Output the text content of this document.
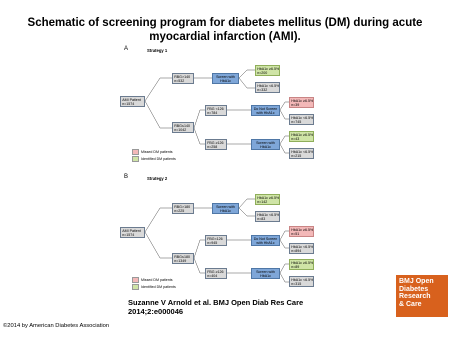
Schematic of screening program for diabetes mellitus (DM) during acute myocardial infarction (AMI).
A	Strategy 1
AMI Patient
n=1574
RBG>140
n=532
Screen with
HbA1c
HbA1c ≥6.5%
n=200
HbA1c <6.5%
n=332
RBG≤140
n=1042
FBG <126
n=784
Do Not Screen
with HbA1c
HbA1c ≥6.5%
n=39
HbA1c <6.5%
n=745
FBG ≥126
n=258
Screen with
HbA1c
HbA1c ≥6.5%
n=43
HbA1c <6.5%
n=215
Missed DM patients
Identified DM patients
B	Strategy 2
AMI Patient
n=1574
RBG>180
n=225
Screen with
HbA1c
HbA1c ≥6.5%
n=142
HbA1c <6.5%
n=83
RBG≤180
n=1349
FBG<126
n=945
Do Not Screen
with HbA1c
HbA1c ≥6.5%
n=51
HbA1c <6.5%
n=894
FBG ≥126
n=404
Screen with
HbA1c
HbA1c ≥6.5%
n=89
HbA1c <6.5%
n=315
Missed DM patients
Identified DM patients
Suzanne V Arnold et al. BMJ Open Diab Res Care
2014;2:e000046
BMJ Open
Diabetes
Research
& Care
©2014 by American Diabetes Association
